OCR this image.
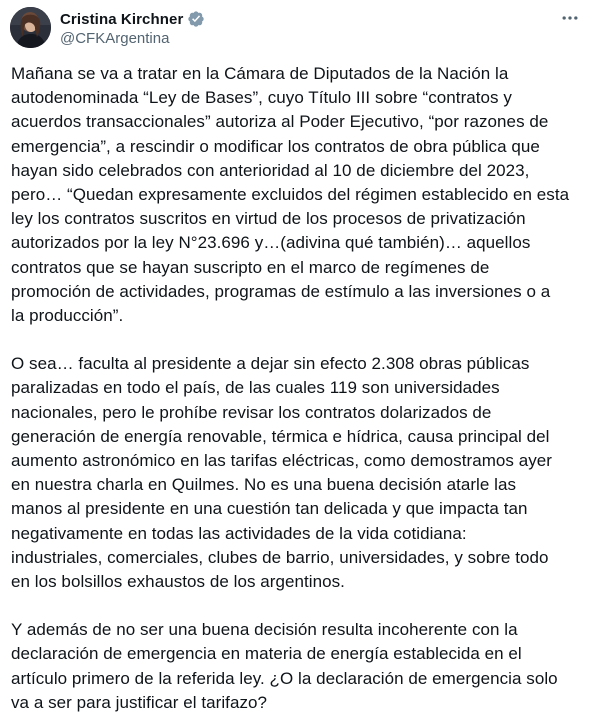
Cristina Kirchner
@CFKArgentina

Mañana se va a tratar en la Cámara de Diputados de la Nación la
autodenominada “Ley de Bases”, cuyo Título III sobre “contratos y
acuerdos transaccionales” autoriza al Poder Ejecutivo, “por razones de
emergencia”, a rescindir o modificar los contratos de obra pública que
hayan sido celebrados con anterioridad al 10 de diciembre del 2023,
pero… “Quedan expresamente excluidos del régimen establecido en esta
ley los contratos suscritos en virtud de los procesos de privatización
autorizados por la ley N°23.696 y…(adivina qué también)… aquellos
contratos que se hayan suscripto en el marco de regímenes de
promoción de actividades, programas de estímulo a las inversiones o a
la producción”.

O sea… faculta al presidente a dejar sin efecto 2.308 obras públicas
paralizadas en todo el país, de las cuales 119 son universidades
nacionales, pero le prohíbe revisar los contratos dolarizados de
generación de energía renovable, térmica e hídrica, causa principal del
aumento astronómico en las tarifas eléctricas, como demostramos ayer
en nuestra charla en Quilmes. No es una buena decisión atarle las
manos al presidente en una cuestión tan delicada y que impacta tan
negativamente en todas las actividades de la vida cotidiana:
industriales, comerciales, clubes de barrio, universidades, y sobre todo
en los bolsillos exhaustos de los argentinos.

Y además de no ser una buena decisión resulta incoherente con la
declaración de emergencia en materia de energía establecida en el
artículo primero de la referida ley. ¿O la declaración de emergencia solo
va a ser para justificar el tarifazo?
